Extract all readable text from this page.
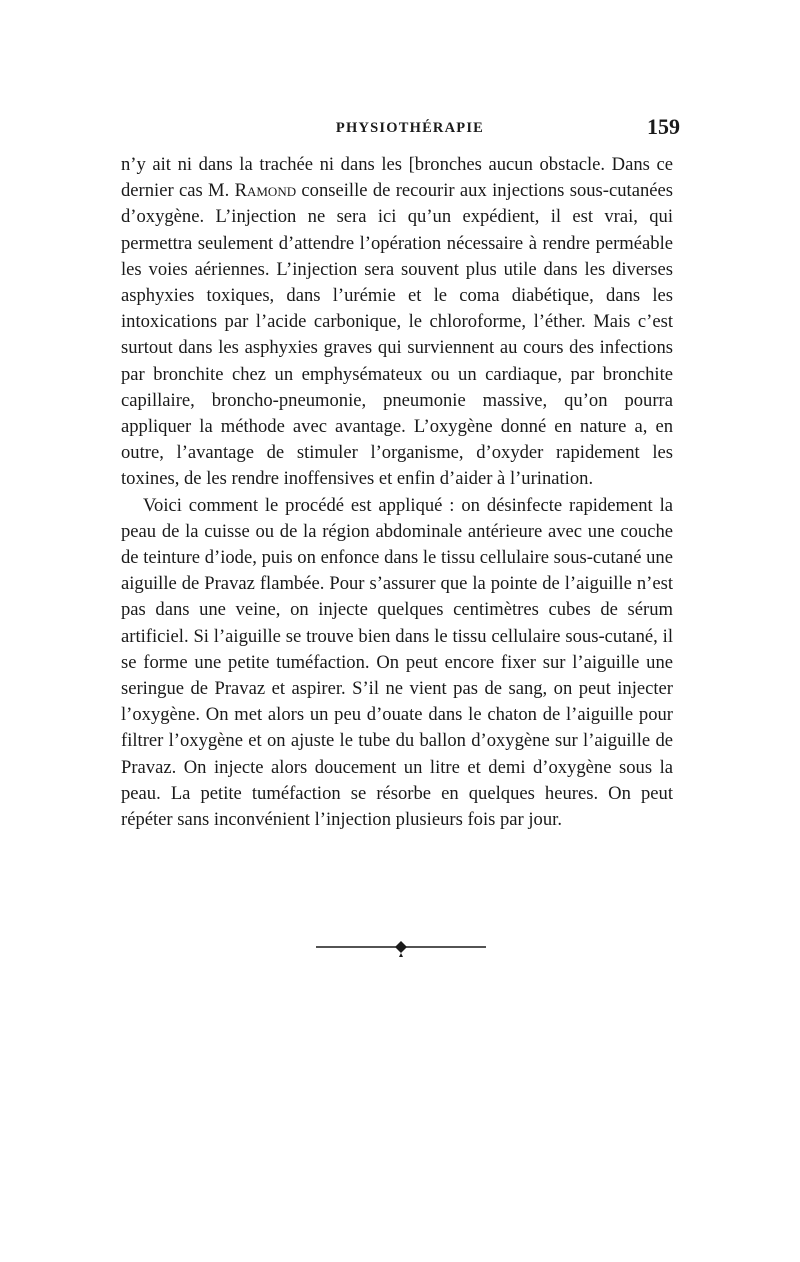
PHYSIOTHÉRAPIE	159

n’y ait ni dans la trachée ni dans les [bronches aucun obstacle. Dans ce dernier cas M. Ramond conseille de recourir aux injections sous-cutanées d’oxygène. L’injection ne sera ici qu’un expédient, il est vrai, qui permettra seulement d’attendre l’opération nécessaire à rendre perméable les voies aériennes. L’injection sera souvent plus utile dans les diverses asphyxies toxiques, dans l’urémie et le coma diabétique, dans les intoxications par l’acide carbonique, le chloroforme, l’éther. Mais c’est surtout dans les asphyxies graves qui surviennent au cours des infections par bronchite chez un emphysémateux ou un cardiaque, par bronchite capillaire, broncho-pneumonie, pneumonie massive, qu’on pourra appliquer la méthode avec avantage. L’oxygène donné en nature a, en outre, l’avantage de stimuler l’organisme, d’oxyder rapidement les toxines, de les rendre inoffensives et enfin d’aider à l’urination.

Voici comment le procédé est appliqué : on désinfecte rapidement la peau de la cuisse ou de la région abdominale antérieure avec une couche de teinture d’iode, puis on enfonce dans le tissu cellulaire sous-cutané une aiguille de Pravaz flambée. Pour s’assurer que la pointe de l’aiguille n’est pas dans une veine, on injecte quelques centimètres cubes de sérum artificiel. Si l’aiguille se trouve bien dans le tissu cellulaire sous-cutané, il se forme une petite tuméfaction. On peut encore fixer sur l’aiguille une seringue de Pravaz et aspirer. S’il ne vient pas de sang, on peut injecter l’oxygène. On met alors un peu d’ouate dans le chaton de l’aiguille pour filtrer l’oxygène et on ajuste le tube du ballon d’oxygène sur l’aiguille de Pravaz. On injecte alors doucement un litre et demi d’oxygène sous la peau. La petite tuméfaction se résorbe en quelques heures. On peut répéter sans inconvénient l’injection plusieurs fois par jour.
